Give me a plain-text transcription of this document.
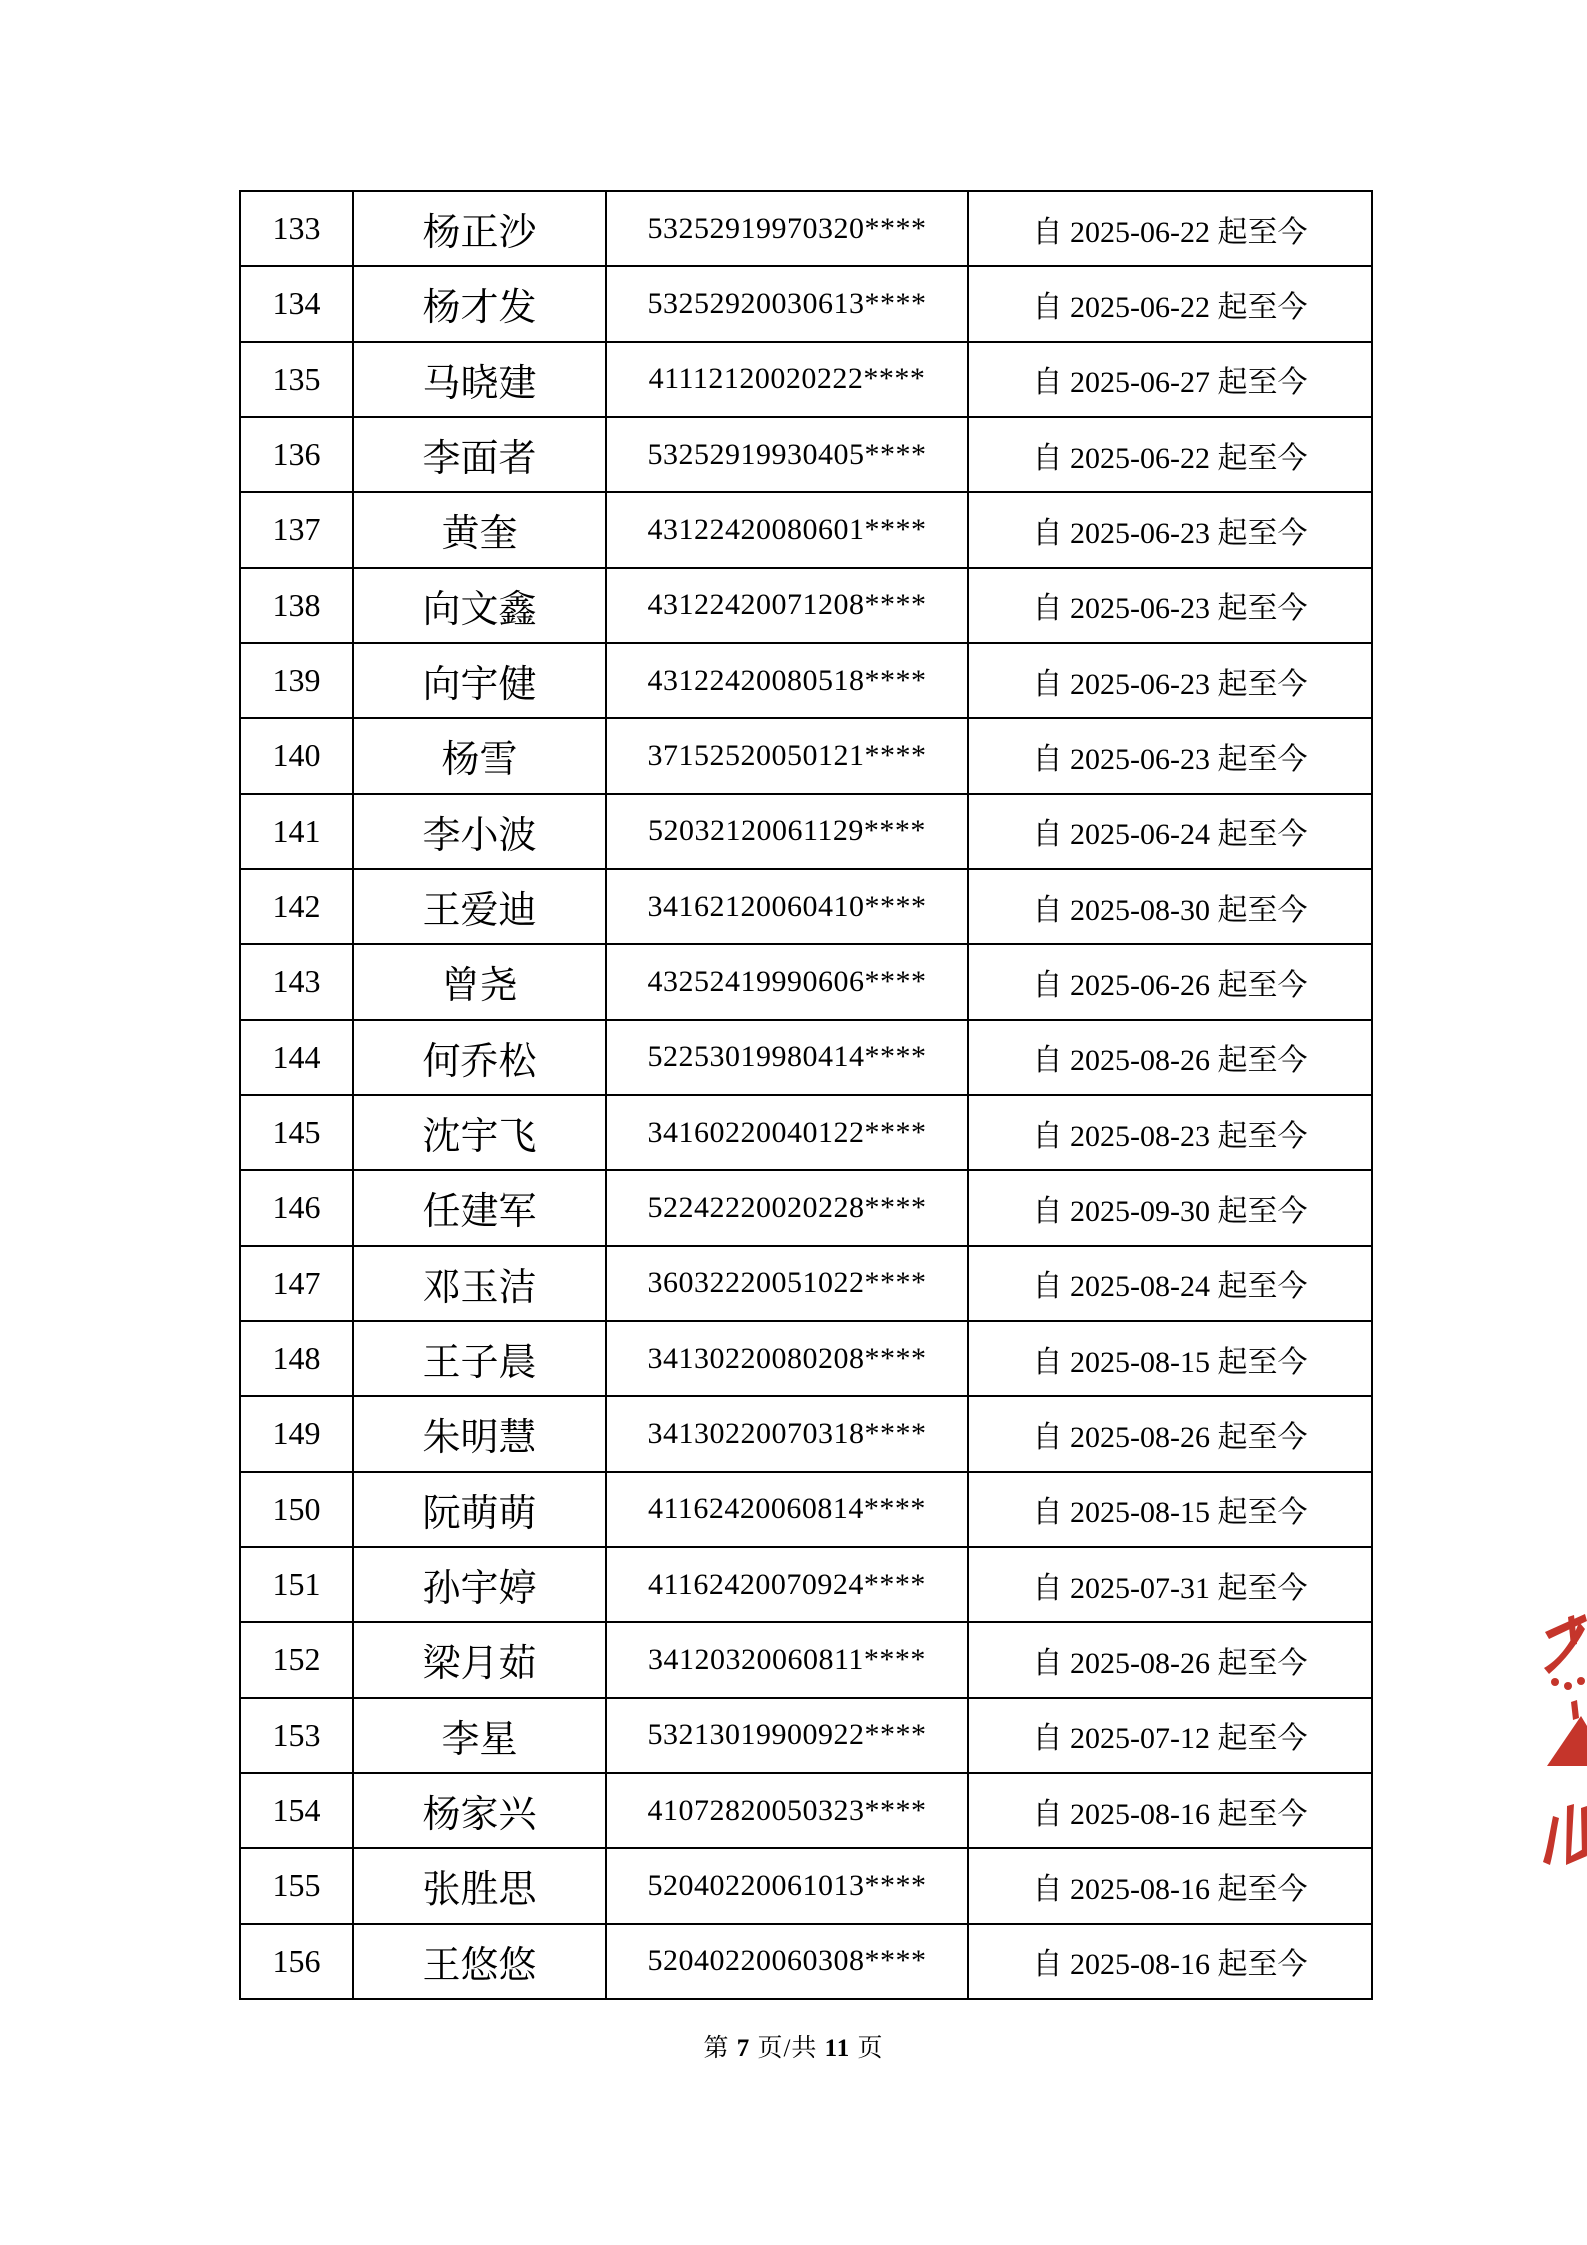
133	杨正沙	53252919970320****	自 2025-06-22 起至今
134	杨才发	53252920030613****	自 2025-06-22 起至今
135	马晓建	41112120020222****	自 2025-06-27 起至今
136	李面者	53252919930405****	自 2025-06-22 起至今
137	黄奎	43122420080601****	自 2025-06-23 起至今
138	向文鑫	43122420071208****	自 2025-06-23 起至今
139	向宇健	43122420080518****	自 2025-06-23 起至今
140	杨雪	37152520050121****	自 2025-06-23 起至今
141	李小波	52032120061129****	自 2025-06-24 起至今
142	王爱迪	34162120060410****	自 2025-08-30 起至今
143	曾尧	43252419990606****	自 2025-06-26 起至今
144	何乔松	52253019980414****	自 2025-08-26 起至今
145	沈宇飞	34160220040122****	自 2025-08-23 起至今
146	任建军	52242220020228****	自 2025-09-30 起至今
147	邓玉洁	36032220051022****	自 2025-08-24 起至今
148	王子晨	34130220080208****	自 2025-08-15 起至今
149	朱明慧	34130220070318****	自 2025-08-26 起至今
150	阮萌萌	41162420060814****	自 2025-08-15 起至今
151	孙宇婷	41162420070924****	自 2025-07-31 起至今
152	梁月茹	34120320060811****	自 2025-08-26 起至今
153	李星	53213019900922****	自 2025-07-12 起至今
154	杨家兴	41072820050323****	自 2025-08-16 起至今
155	张胜思	52040220061013****	自 2025-08-16 起至今
156	王悠悠	52040220060308****	自 2025-08-16 起至今
第 7 页/共 11 页
